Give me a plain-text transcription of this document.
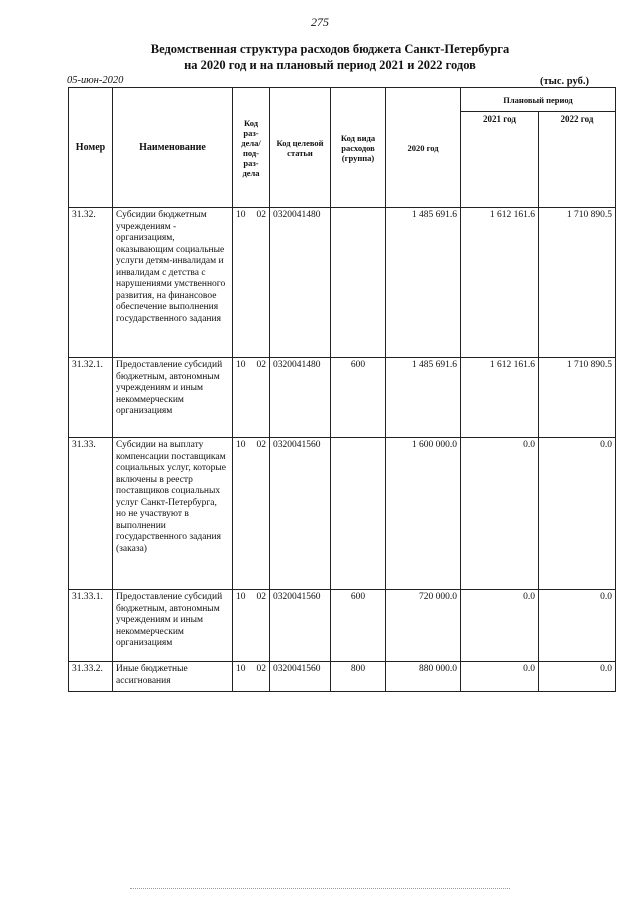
275
Ведомственная структура расходов бюджета Санкт-Петербурга
на 2020 год и на плановый период 2021 и 2022 годов
05-июн-2020	(тыс. руб.)
Номер	Наименование	Код раз- дела/ под- раз- дела	Код целевой статьи	Код вида расходов (группа)	2020 год	Плановый период	
						2021 год	2022 год
31.32.	Субсидии бюджетным учреждениям - организациям, оказывающим социальные услуги детям-инвалидам и инвалидам с детства с нарушениями умственного развития, на финансовое обеспечение выполнения государственного задания	10 02	0320041480		1 485 691.6	1 612 161.6	1 710 890.5
31.32.1.	Предоставление субсидий бюджетным, автономным учреждениям и иным некоммерческим организациям	10 02	0320041480	600	1 485 691.6	1 612 161.6	1 710 890.5
31.33.	Субсидии на выплату компенсации поставщикам социальных услуг, которые включены в реестр поставщиков социальных услуг Санкт-Петербурга, но не участвуют в выполнении государственного задания (заказа)	10 02	0320041560		1 600 000.0	0.0	0.0
31.33.1.	Предоставление субсидий бюджетным, автономным учреждениям и иным некоммерческим организациям	10 02	0320041560	600	720 000.0	0.0	0.0
31.33.2.	Иные бюджетные ассигнования	10 02	0320041560	800	880 000.0	0.0	0.0
